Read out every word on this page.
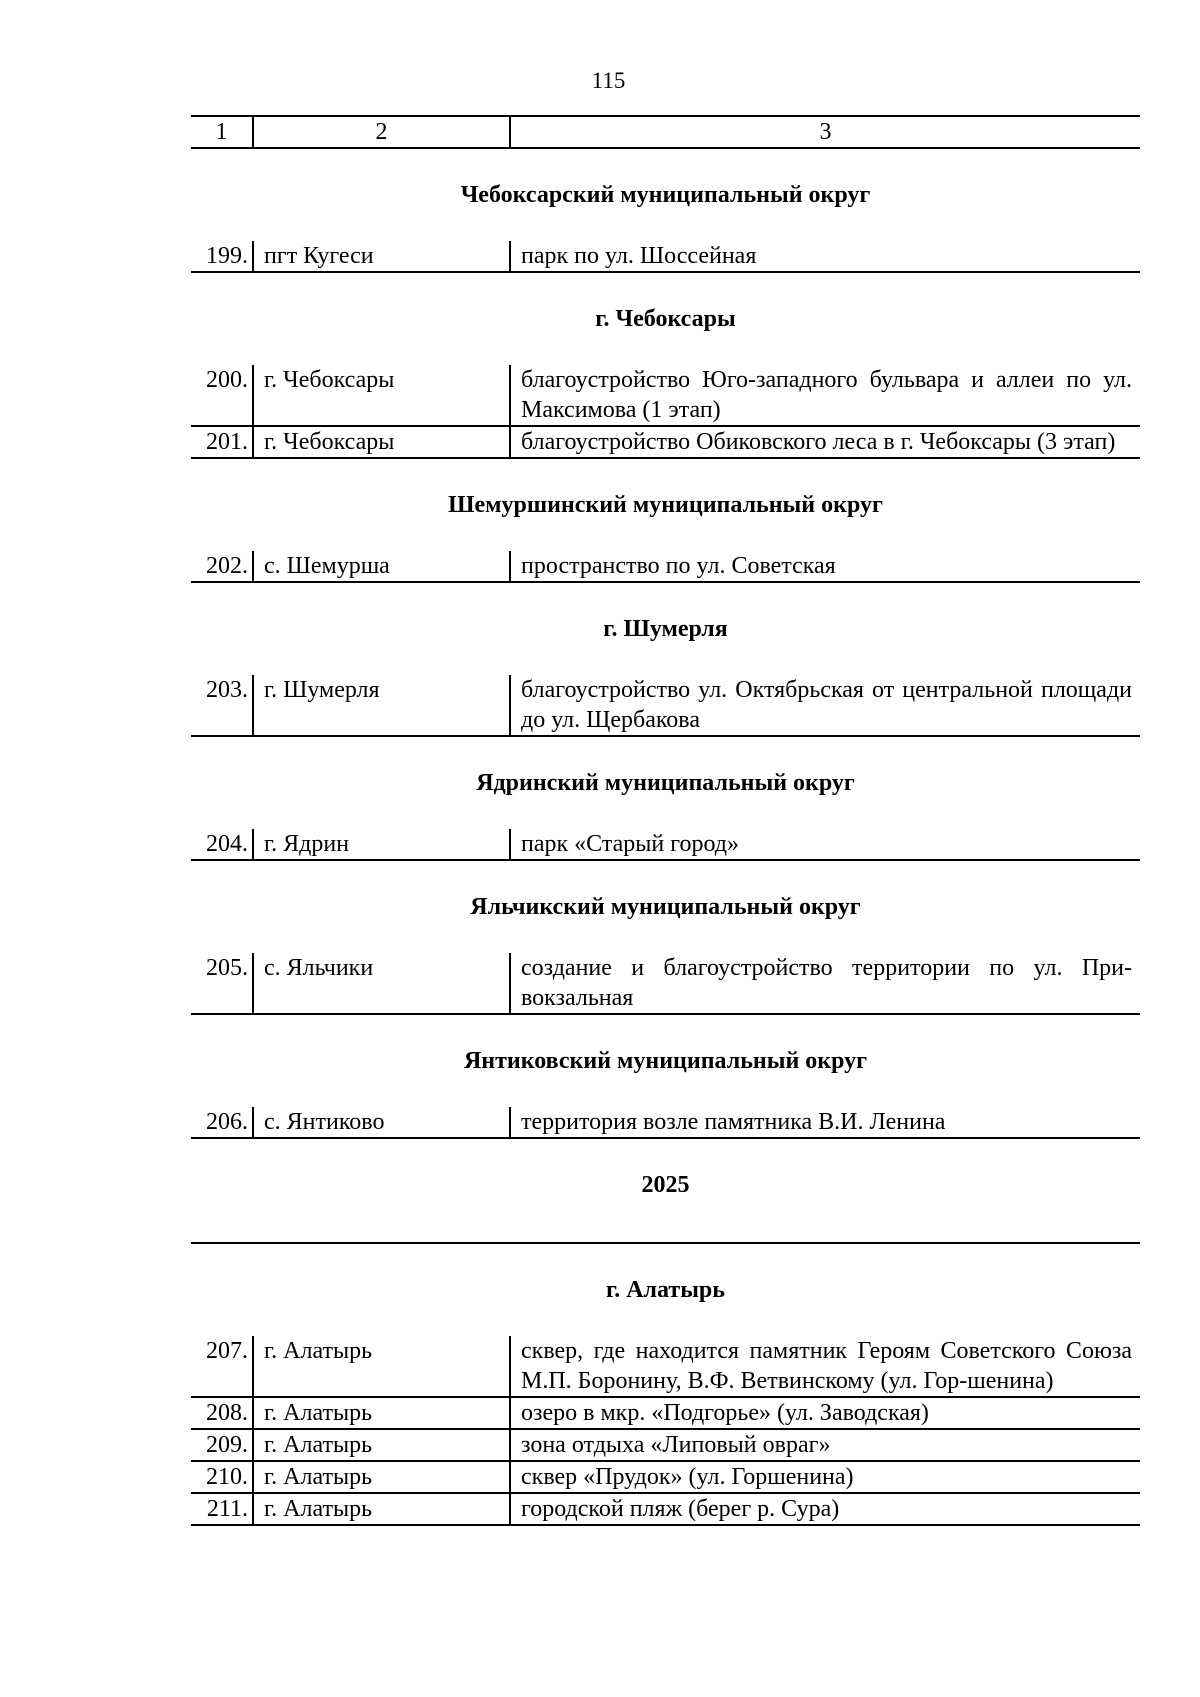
115
1	2	3
Чебоксарский муниципальный округ
199.	пгт Кугеси	парк по ул. Шоссейная
г. Чебоксары
200.	г. Чебоксары	благоустройство Юго-западного бульвара и аллеи по ул. Максимова (1 этап)
201.	г. Чебоксары	благоустройство Обиковского леса в г. Чебоксары (3 этап)
Шемуршинский муниципальный округ
202.	с. Шемурша	пространство по ул. Советская
г. Шумерля
203.	г. Шумерля	благоустройство ул. Октябрьская от центральной площади до ул. Щербакова
Ядринский муниципальный округ
204.	г. Ядрин	парк «Старый город»
Яльчикский муниципальный округ
205.	с. Яльчики	создание и благоустройство территории по ул. При-вокзальная
Янтиковский муниципальный округ
206.	с. Янтиково	территория возле памятника В.И. Ленина
2025
г. Алатырь
207.	г. Алатырь	сквер, где находится памятник Героям Советского Союза М.П. Боронину, В.Ф. Ветвинскому (ул. Гор-шенина)
208.	г. Алатырь	озеро в мкр. «Подгорье» (ул. Заводская)
209.	г. Алатырь	зона отдыха «Липовый овраг»
210.	г. Алатырь	сквер «Прудок» (ул. Горшенина)
211.	г. Алатырь	городской пляж (берег р. Сура)
